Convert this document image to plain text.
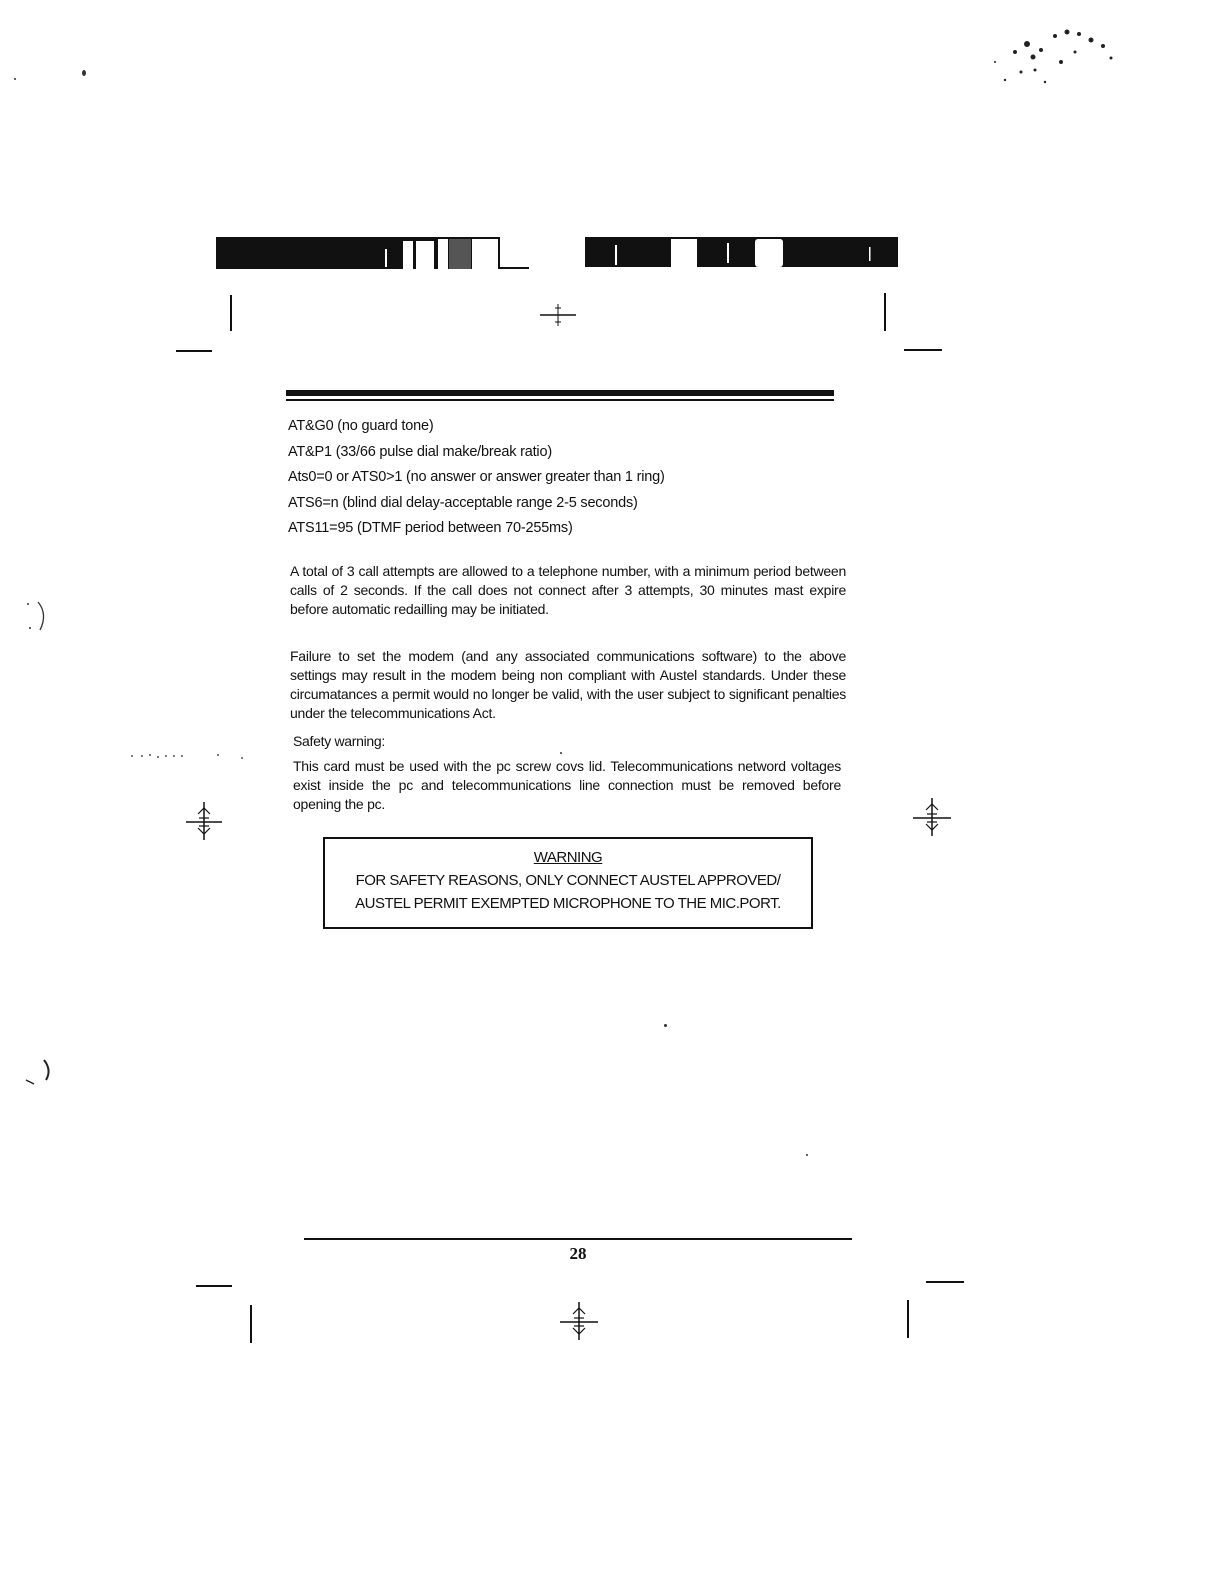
AT&G0 (no guard tone)
AT&P1 (33/66 pulse dial make/break ratio)
Ats0=0 or ATS0>1 (no answer or answer greater than 1 ring)
ATS6=n (blind dial delay-acceptable range 2-5 seconds)
ATS11=95 (DTMF period between 70-255ms)
A total of 3 call attempts are allowed to a telephone number, with a minimum period between calls of 2 seconds. If the call does not connect after 3 attempts, 30 minutes mast expire before automatic redailling may be initiated.
Failure to set the modem (and any associated communications software) to the above settings may result in the modem being non compliant with Austel standards. Under these circumatances a permit would no longer be valid, with the user subject to significant penalties under the telecommunications Act.
Safety warning:
This card must be used with the pc screw covs lid. Telecommunications netword voltages exist inside the pc and telecommunications line connection must be removed before opening the pc.
WARNING
FOR SAFETY REASONS, ONLY CONNECT AUSTEL APPROVED/
AUSTEL PERMIT EXEMPTED MICROPHONE TO THE MIC.PORT.
28
